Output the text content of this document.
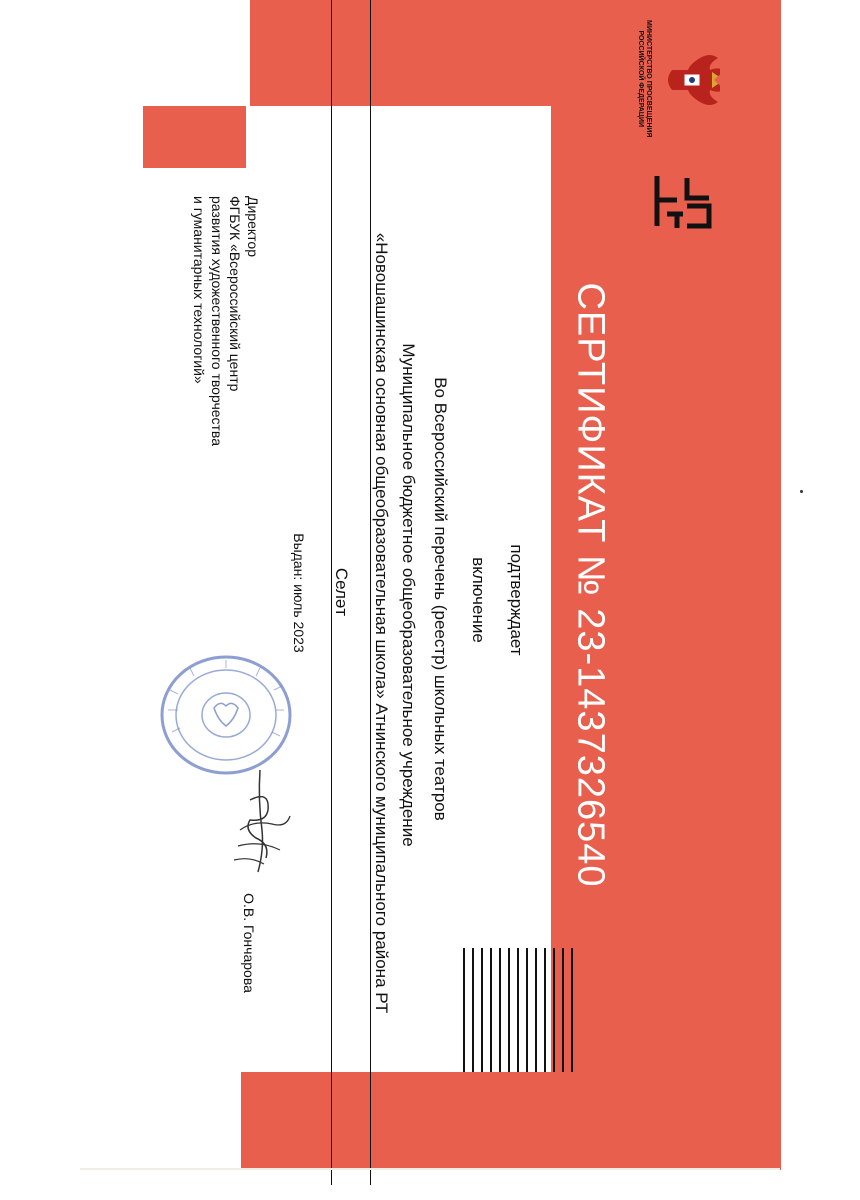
МИНИСТЕРСТВО ПРОСВЕЩЕНИЯ
РОССИЙСКОЙ ФЕДЕРАЦИИ
СЕРТИФИКАТ № 23-1437326540
подтверждает
включение
Во Всероссийский перечень (реестр) школьных театров
Муниципальное бюджетное общеобразовательное учреждение
«Новошашинская основная общеобразовательная школа» Атнинского муниципального района РТ
Селәт
Выдан: июль 2023
Директор
ФГБУК «Всероссийский центр
развития художественного творчества
и гуманитарных технологий»
О.В. Гончарова
